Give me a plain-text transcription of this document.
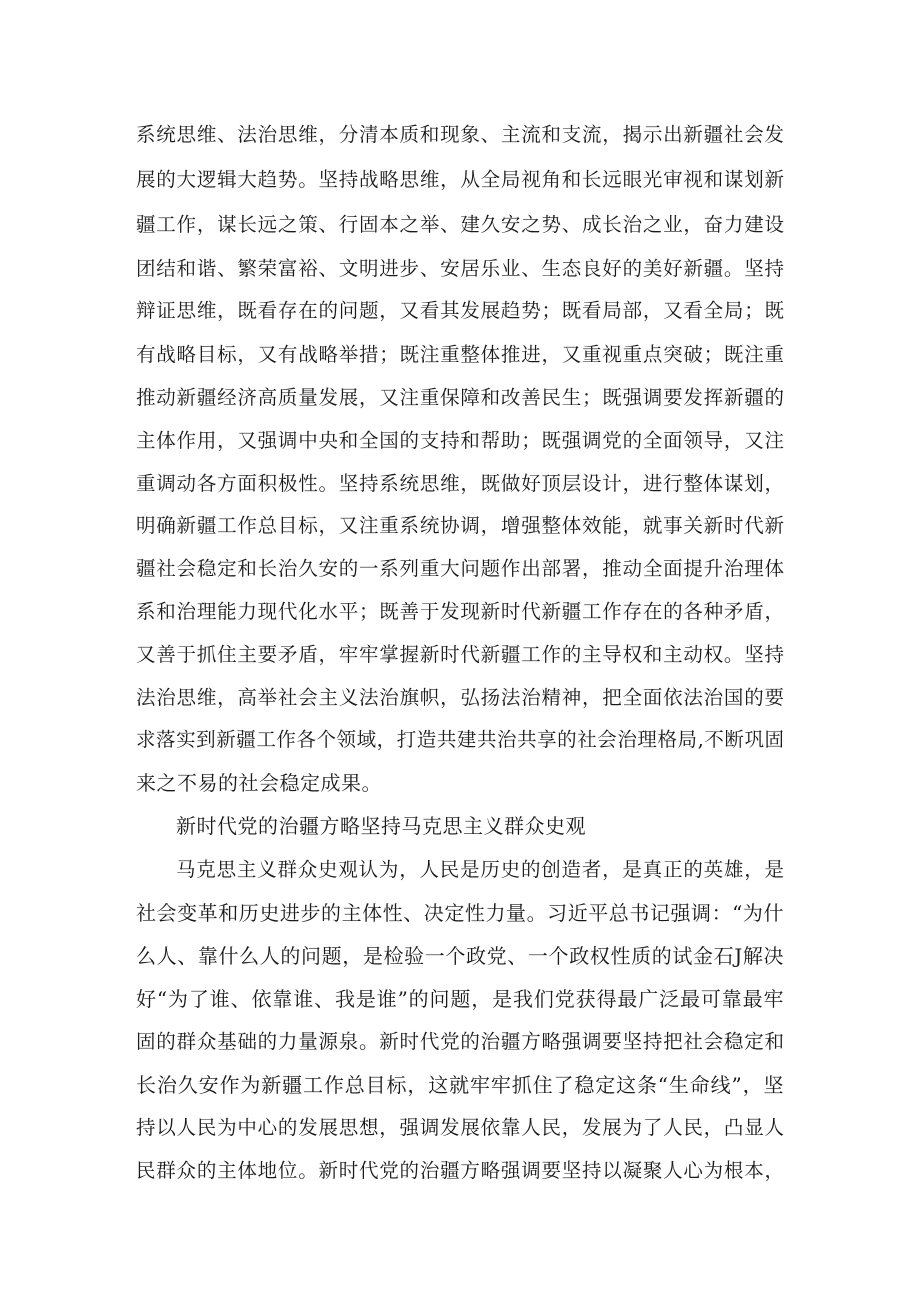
系统思维、法治思维，分清本质和现象、主流和支流，揭示出新疆社会发
展的大逻辑大趋势。坚持战略思维，从全局视角和长远眼光审视和谋划新
疆工作，谋长远之策、行固本之举、建久安之势、成长治之业，奋力建设
团结和谐、繁荣富裕、文明进步、安居乐业、生态良好的美好新疆。坚持
辩证思维，既看存在的问题，又看其发展趋势；既看局部，又看全局；既
有战略目标，又有战略举措；既注重整体推进，又重视重点突破；既注重
推动新疆经济高质量发展，又注重保障和改善民生；既强调要发挥新疆的
主体作用，又强调中央和全国的支持和帮助；既强调党的全面领导，又注
重调动各方面积极性。坚持系统思维，既做好顶层设计，进行整体谋划，
明确新疆工作总目标，又注重系统协调，增强整体效能，就事关新时代新
疆社会稳定和长治久安的一系列重大问题作出部署，推动全面提升治理体
系和治理能力现代化水平；既善于发现新时代新疆工作存在的各种矛盾，
又善于抓住主要矛盾，牢牢掌握新时代新疆工作的主导权和主动权。坚持
法治思维，高举社会主义法治旗帜，弘扬法治精神，把全面依法治国的要
求落实到新疆工作各个领域，打造共建共治共享的社会治理格局,不断巩固
来之不易的社会稳定成果。
新时代党的治疆方略坚持马克思主义群众史观
马克思主义群众史观认为，人民是历史的创造者，是真正的英雄，是
社会变革和历史进步的主体性、决定性力量。习近平总书记强调：“为什
么人、靠什么人的问题，是检验一个政党、一个政权性质的试金石J解决
好“为了谁、依靠谁、我是谁”的问题，是我们党获得最广泛最可靠最牢
固的群众基础的力量源泉。新时代党的治疆方略强调要坚持把社会稳定和
长治久安作为新疆工作总目标，这就牢牢抓住了稳定这条“生命线”，坚
持以人民为中心的发展思想，强调发展依靠人民，发展为了人民，凸显人
民群众的主体地位。新时代党的治疆方略强调要坚持以凝聚人心为根本，
